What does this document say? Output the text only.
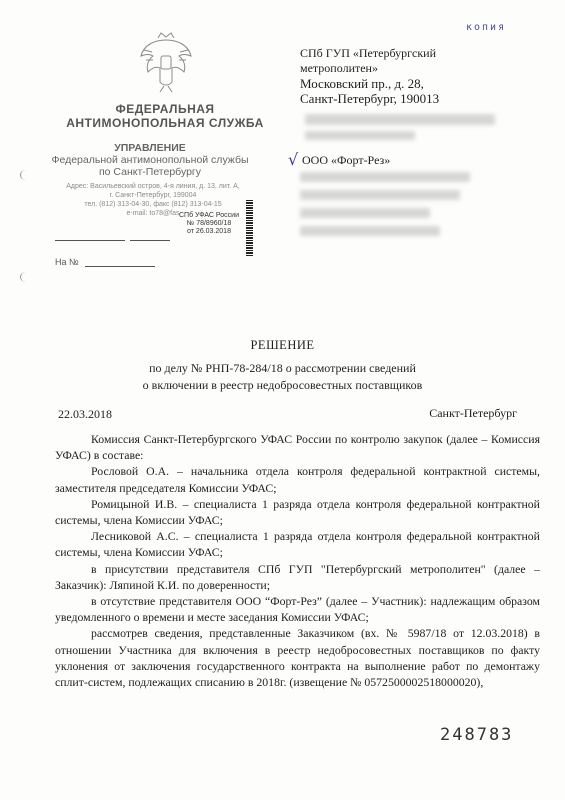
копия
ФЕДЕРАЛЬНАЯ
АНТИМОНОПОЛЬНАЯ СЛУЖБА
УПРАВЛЕНИЕ
Федеральной антимонопольной службы
по Санкт-Петербургу
Адрес: Васильевский остров, 4-я линия, д. 13, лит. А,
г. Санкт-Петербург, 199004
тел. (812) 313-04-30, факс (812) 313-04-15
e-mail: to78@fas СПб УФАС России
№ 78/8960/18
от 26.03.2018
На №
СПб ГУП «Петербургский
метрополитен»
Московский пр., д. 28,
Санкт-Петербург, 190013
√ ООО «Форт-Рез»
РЕШЕНИЕ
по делу № РНП-78-284/18 о рассмотрении сведений
о включении в реестр недобросовестных поставщиков
22.03.2018	Санкт-Петербург

Комиссия Санкт-Петербургского УФАС России по контролю закупок (далее – Комиссия УФАС) в составе:

Рословой О.А. – начальника отдела контроля федеральной контрактной системы, заместителя председателя Комиссии УФАС;

Ромицыной И.В. – специалиста 1 разряда отдела контроля федеральной контрактной системы, члена Комиссии УФАС;

Лесниковой А.С. – специалиста 1 разряда отдела контроля федеральной контрактной системы, члена Комиссии УФАС;

в присутствии представителя СПб ГУП "Петербургский метрополитен" (далее – Заказчик): Ляпиной К.И. по доверенности;

в отсутствие представителя ООО “Форт-Рез” (далее – Участник): надлежащим образом уведомленного о времени и месте заседания Комиссии УФАС;

рассмотрев сведения, представленные Заказчиком (вх. № 5987/18 от 12.03.2018) в отношении Участника для включения в реестр недобросовестных поставщиков по факту уклонения от заключения государственного контракта на выполнение работ по демонтажу сплит-систем, подлежащих списанию в 2018г. (извещение № 0572500002518000020),

248783
